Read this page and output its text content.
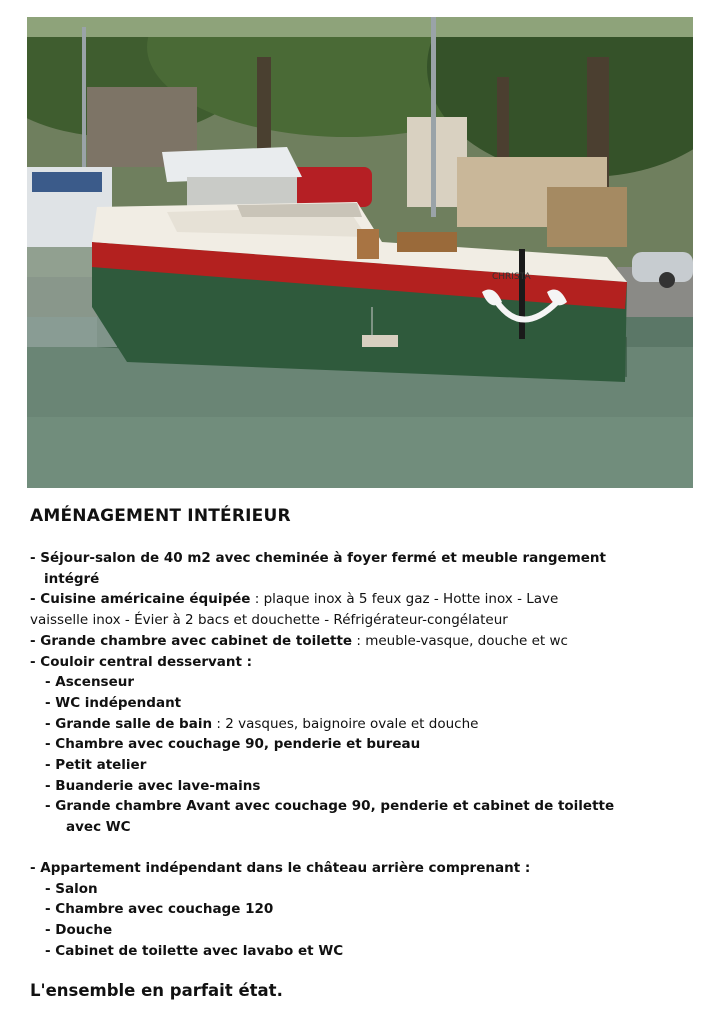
CHRISTA
AMÉNAGEMENT INTÉRIEUR
- Séjour-salon de 40 m2 avec cheminée à foyer fermé et meuble rangement
intégré
- Cuisine américaine équipée : plaque inox à 5 feux gaz - Hotte inox - Lave
vaisselle inox - Évier à 2 bacs et douchette - Réfrigérateur-congélateur
- Grande chambre avec cabinet de toilette : meuble-vasque, douche et wc
- Couloir central desservant :
- Ascenseur
- WC indépendant
- Grande salle de bain : 2 vasques, baignoire ovale et douche
- Chambre avec couchage 90, penderie et bureau
- Petit atelier
- Buanderie avec lave-mains
- Grande chambre Avant avec couchage 90, penderie et cabinet de toilette
avec WC
- Appartement indépendant dans le château arrière comprenant :
- Salon
- Chambre avec couchage 120
- Douche
- Cabinet de toilette avec lavabo et WC
L'ensemble en parfait état.
